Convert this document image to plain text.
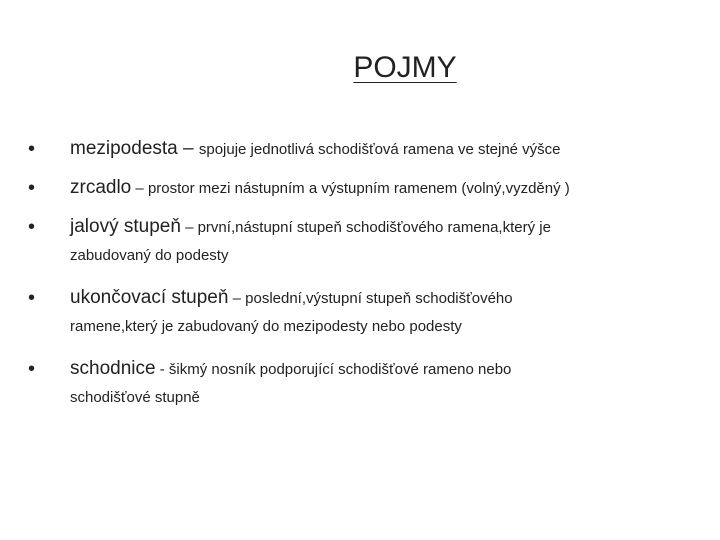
POJMY
• mezipodesta – spojuje jednotlivá schodišťová ramena ve stejné výšce
• zrcadlo – prostor mezi nástupním a výstupním ramenem (volný,vyzděný )
• jalový stupeň – první,nástupní stupeň schodišťového ramena,který je
zabudovaný do podesty
• ukončovací stupeň – poslední,výstupní stupeň schodišťového
ramene,který je zabudovaný do mezipodesty nebo podesty
• schodnice - šikmý nosník podporující schodišťové rameno nebo
schodišťové stupně
